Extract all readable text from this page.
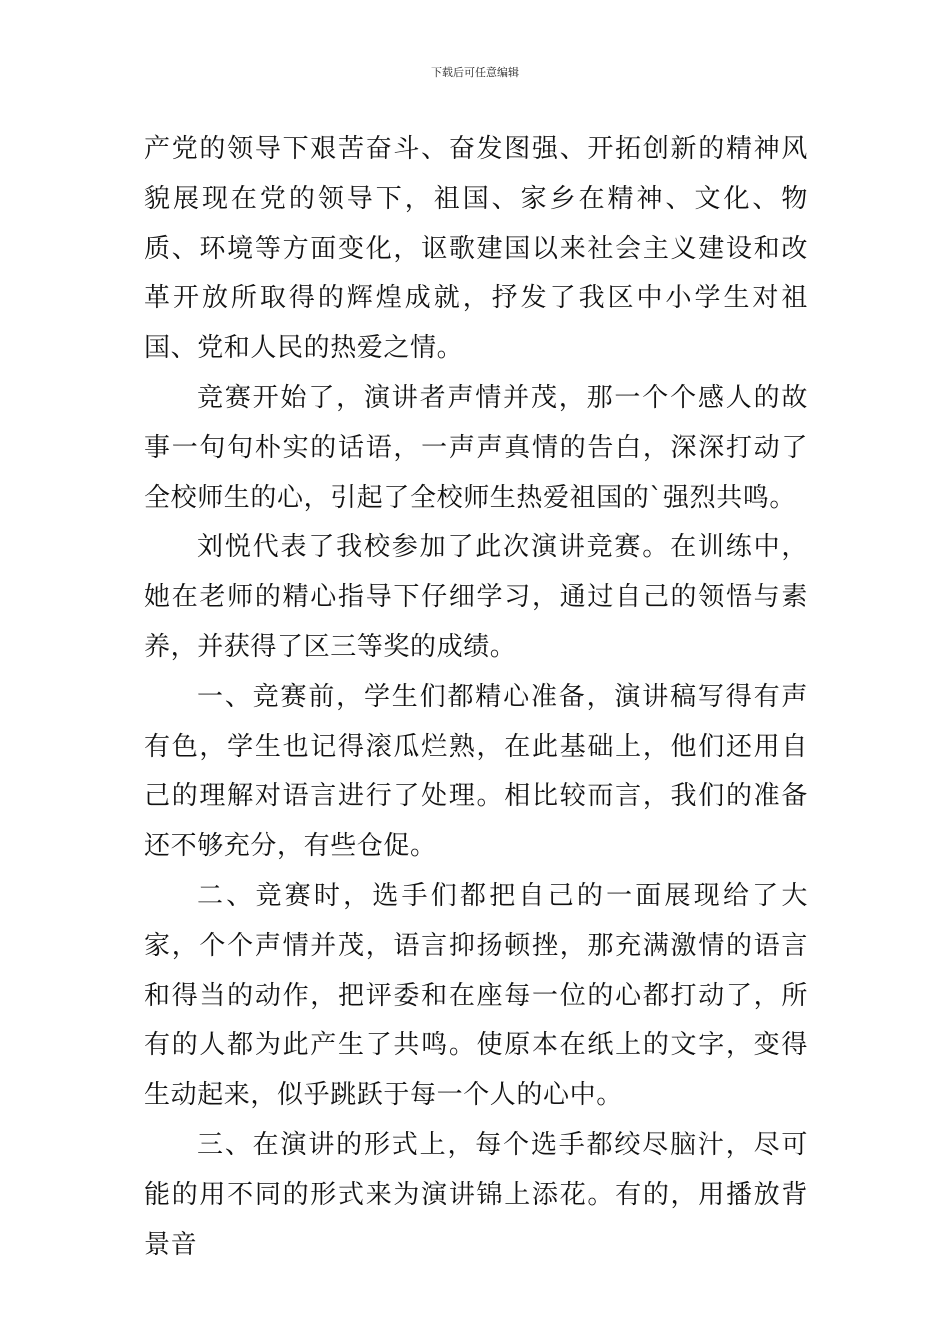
下载后可任意编辑

产党的领导下艰苦奋斗、奋发图强、开拓创新的精神风貌展现在党的领导下，祖国、家乡在精神、文化、物质、环境等方面变化，讴歌建国以来社会主义建设和改革开放所取得的辉煌成就，抒发了我区中小学生对祖国、党和人民的热爱之情。

竞赛开始了，演讲者声情并茂，那一个个感人的故事一句句朴实的话语，一声声真情的告白，深深打动了全校师生的心，引起了全校师生热爱祖国的`强烈共鸣。

刘悦代表了我校参加了此次演讲竞赛。在训练中，她在老师的精心指导下仔细学习，通过自己的领悟与素养，并获得了区三等奖的成绩。

一、竞赛前，学生们都精心准备，演讲稿写得有声有色，学生也记得滚瓜烂熟，在此基础上，他们还用自己的理解对语言进行了处理。相比较而言，我们的准备还不够充分，有些仓促。

二、竞赛时，选手们都把自己的一面展现给了大家，个个声情并茂，语言抑扬顿挫，那充满激情的语言和得当的动作，把评委和在座每一位的心都打动了，所有的人都为此产生了共鸣。使原本在纸上的文字，变得生动起来，似乎跳跃于每一个人的心中。

三、在演讲的形式上，每个选手都绞尽脑汁，尽可能的用不同的形式来为演讲锦上添花。有的，用播放背景音
